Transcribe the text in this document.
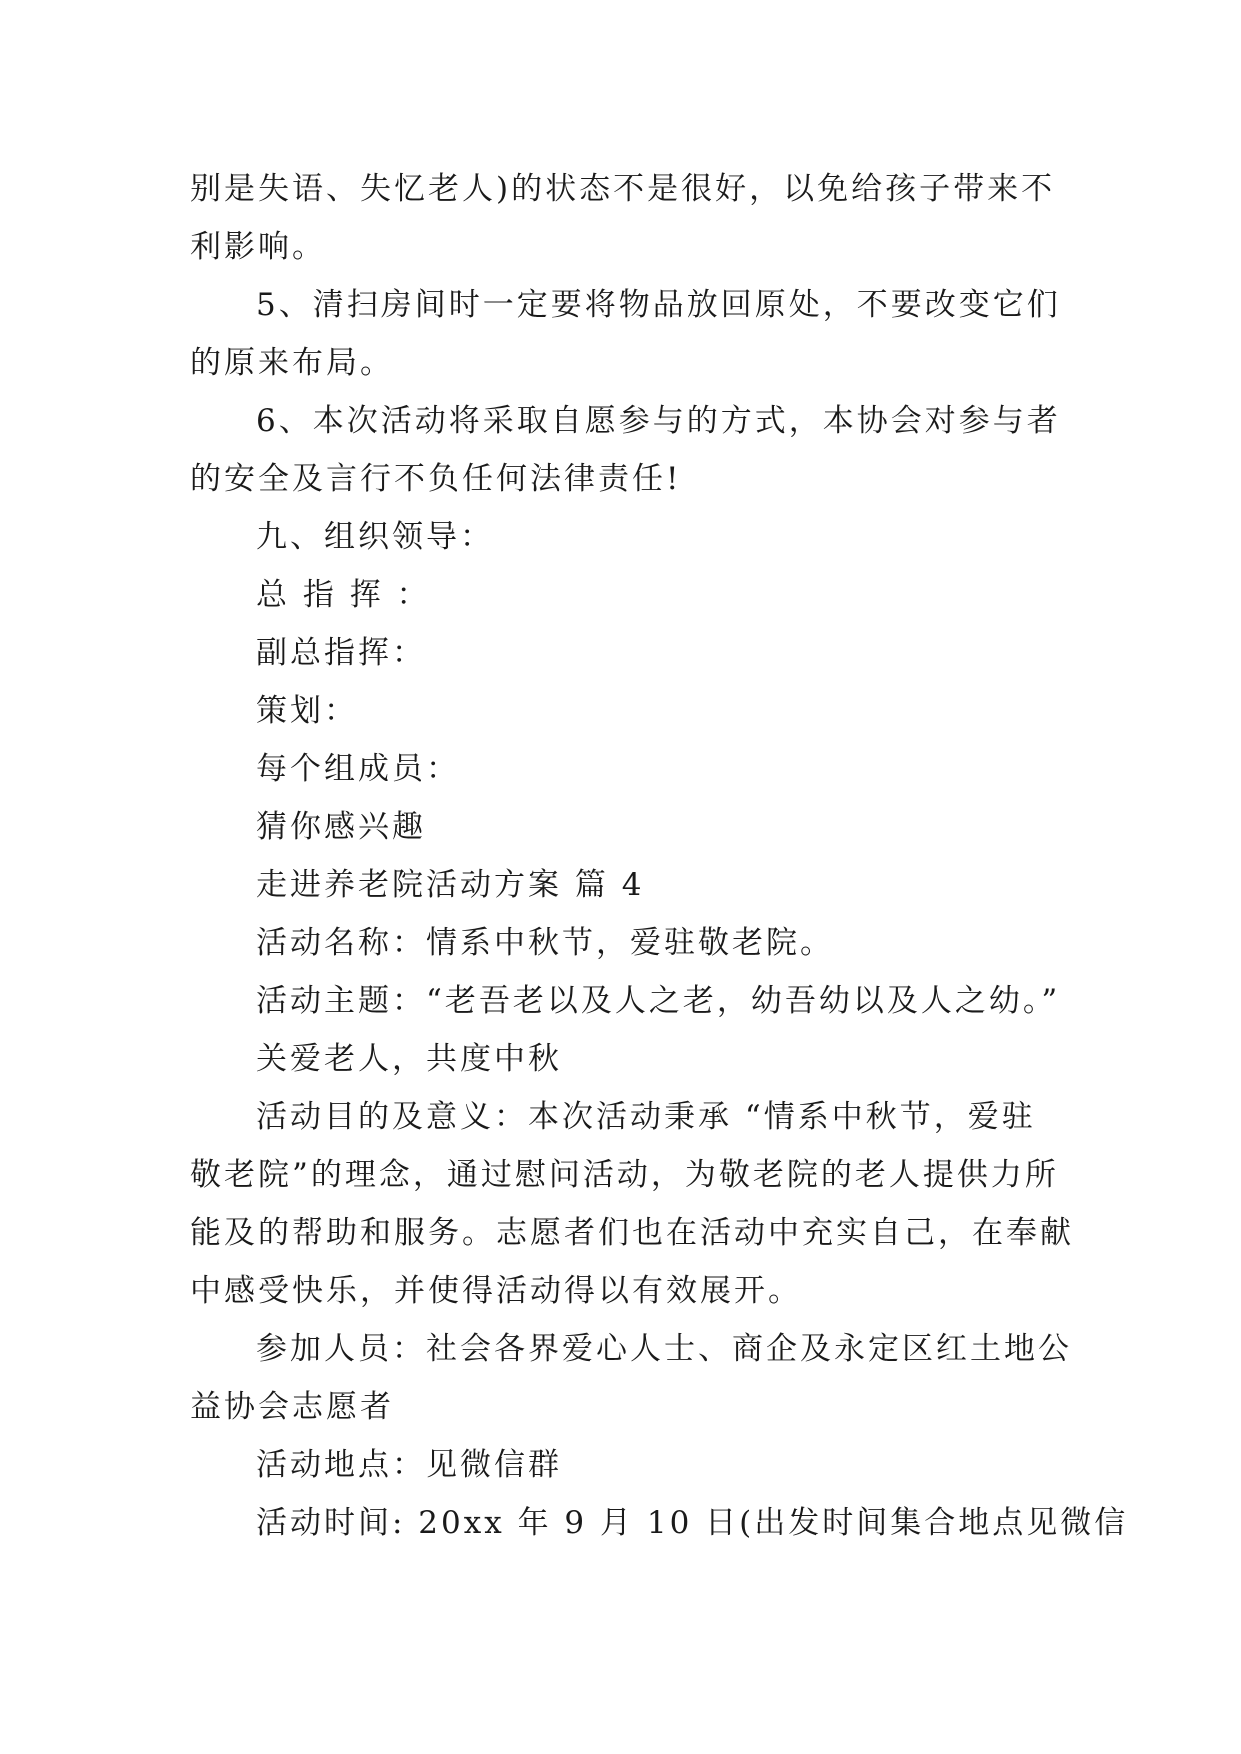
别是失语、失忆老人)的状态不是很好，以免给孩子带来不
利影响。
5、清扫房间时一定要将物品放回原处，不要改变它们
的原来布局。
6、本次活动将采取自愿参与的方式，本协会对参与者
的安全及言行不负任何法律责任!
九、组织领导：
总 指 挥 ：
副总指挥：
策划：
每个组成员：
猜你感兴趣
走进养老院活动方案 篇 4
活动名称：情系中秋节，爱驻敬老院。
活动主题：“老吾老以及人之老，幼吾幼以及人之幼。”
关爱老人，共度中秋
活动目的及意义：本次活动秉承 “情系中秋节，爱驻
敬老院”的理念，通过慰问活动，为敬老院的老人提供力所
能及的帮助和服务。志愿者们也在活动中充实自己，在奉献
中感受快乐，并使得活动得以有效展开。
参加人员：社会各界爱心人士、商企及永定区红土地公
益协会志愿者
活动地点：见微信群
活动时间: 20xx 年 9 月 10 日(出发时间集合地点见微信
